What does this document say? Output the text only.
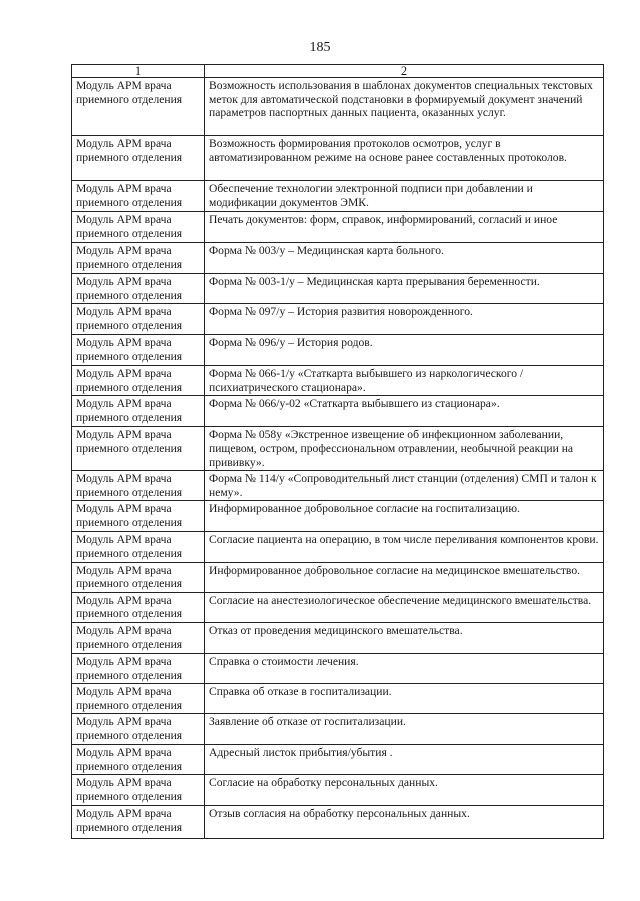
185
1	2
Модуль АРМ врача приемного отделения	Возможность использования в шаблонах документов специальных текстовых меток для автоматической подстановки в формируемый документ значений параметров паспортных данных пациента, оказанных услуг.
Модуль АРМ врача приемного отделения	Возможность формирования протоколов осмотров, услуг в автоматизированном режиме на основе ранее составленных протоколов.
Модуль АРМ врача приемного отделения	Обеспечение технологии электронной подписи при добавлении и модификации документов ЭМК.
Модуль АРМ врача приемного отделения	Печать документов: форм, справок, информирований, согласий и иное
Модуль АРМ врача приемного отделения	Форма № 003/у – Медицинская карта больного.
Модуль АРМ врача приемного отделения	Форма № 003-1/у – Медицинская карта прерывания беременности.
Модуль АРМ врача приемного отделения	Форма № 097/у – История развития новорожденного.
Модуль АРМ врача приемного отделения	Форма № 096/у – История родов.
Модуль АРМ врача приемного отделения	Форма № 066-1/у «Статкарта выбывшего из наркологического /психиатрического стационара».
Модуль АРМ врача приемного отделения	Форма № 066/у-02 «Статкарта выбывшего из стационара».
Модуль АРМ врача приемного отделения	Форма № 058у «Экстренное извещение об инфекционном заболевании, пищевом, остром, профессиональном отравлении, необычной реакции на прививку».
Модуль АРМ врача приемного отделения	Форма № 114/у «Сопроводительный лист станции (отделения) СМП и талон к нему».
Модуль АРМ врача приемного отделения	Информированное добровольное согласие на госпитализацию.
Модуль АРМ врача приемного отделения	Согласие пациента на операцию, в том числе переливания компонентов крови.
Модуль АРМ врача приемного отделения	Информированное добровольное согласие на медицинское вмешательство.
Модуль АРМ врача приемного отделения	Согласие на анестезиологическое обеспечение медицинского вмешательства.
Модуль АРМ врача приемного отделения	Отказ от проведения медицинского вмешательства.
Модуль АРМ врача приемного отделения	Справка о стоимости лечения.
Модуль АРМ врача приемного отделения	Справка об отказе в госпитализации.
Модуль АРМ врача приемного отделения	Заявление об отказе от госпитализации.
Модуль АРМ врача приемного отделения	Адресный листок прибытия/убытия .
Модуль АРМ врача приемного отделения	Согласие на обработку персональных данных.
Модуль АРМ врача приемного отделения	Отзыв согласия на обработку персональных данных.
